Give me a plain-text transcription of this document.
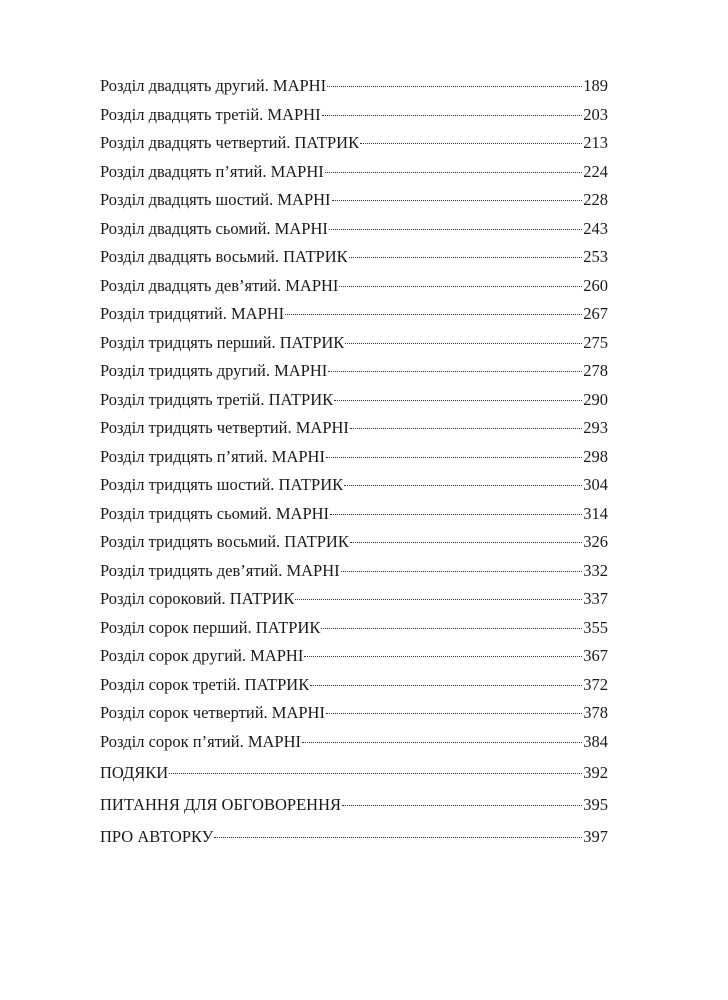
Розділ двадцять другий. МАРНІ	189
Розділ двадцять третій. МАРНІ	203
Розділ двадцять четвертий. ПАТРИК	213
Розділ двадцять п’ятий. МАРНІ	224
Розділ двадцять шостий. МАРНІ	228
Розділ двадцять сьомий. МАРНІ	243
Розділ двадцять восьмий. ПАТРИК	253
Розділ двадцять дев’ятий. МАРНІ	260
Розділ тридцятий. МАРНІ	267
Розділ тридцять перший. ПАТРИК	275
Розділ тридцять другий. МАРНІ	278
Розділ тридцять третій. ПАТРИК	290
Розділ тридцять четвертий. МАРНІ	293
Розділ тридцять п’ятий. МАРНІ	298
Розділ тридцять шостий. ПАТРИК	304
Розділ тридцять сьомий. МАРНІ	314
Розділ тридцять восьмий. ПАТРИК	326
Розділ тридцять дев’ятий. МАРНІ	332
Розділ сороковий. ПАТРИК	337
Розділ сорок перший. ПАТРИК	355
Розділ сорок другий. МАРНІ	367
Розділ сорок третій. ПАТРИК	372
Розділ сорок четвертий. МАРНІ	378
Розділ сорок п’ятий. МАРНІ	384
ПОДЯКИ	392
ПИТАННЯ ДЛЯ ОБГОВОРЕННЯ	395
ПРО АВТОРКУ	397
